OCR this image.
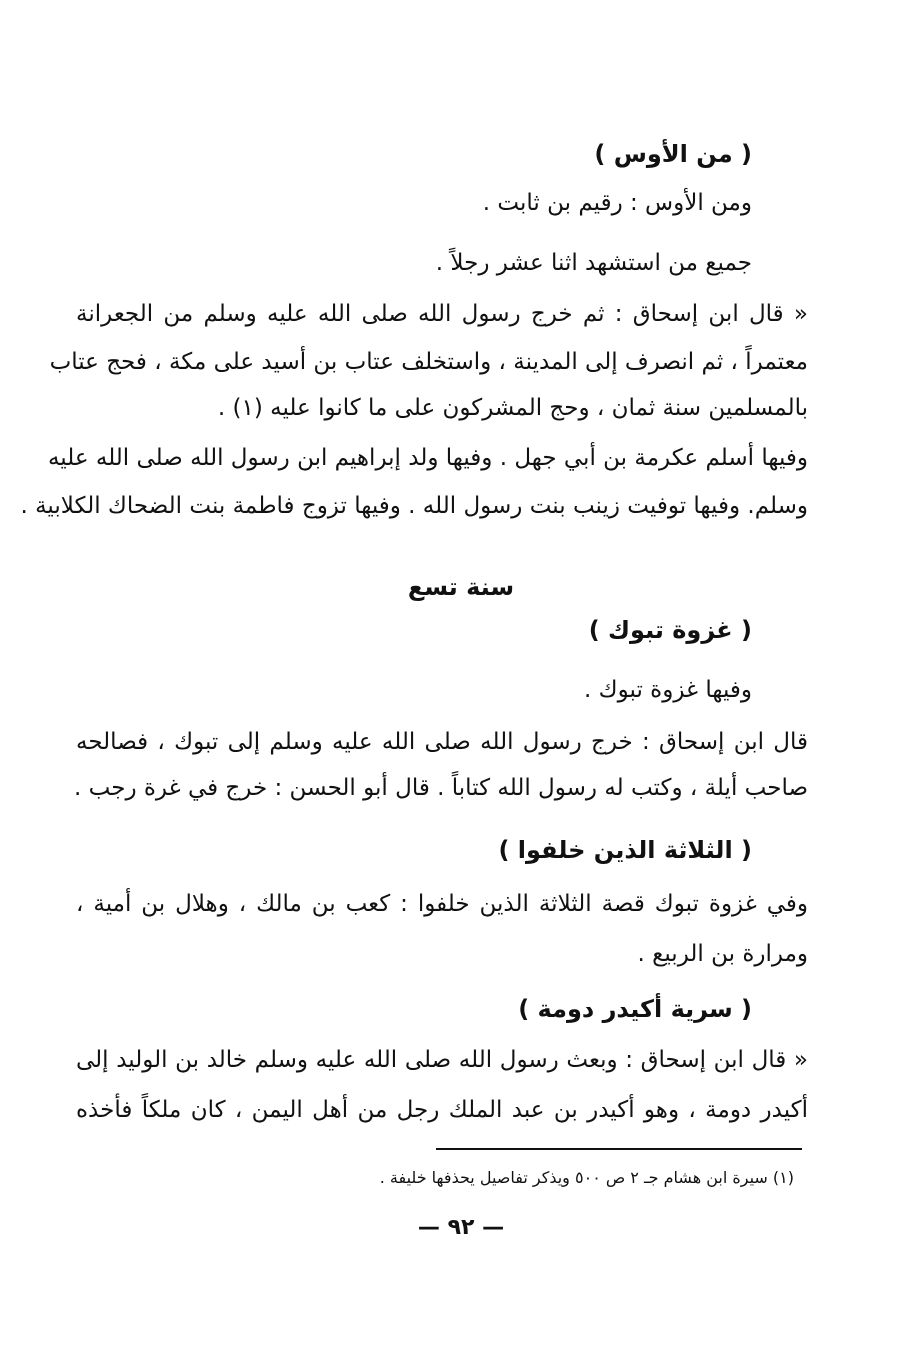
( من الأوس )

ومن الأوس : رقيم بن ثابت .

جميع من استشهد اثنا عشر رجلاً .

« قال ابن إسحاق : ثم خرج رسول الله صلى الله عليه وسلم من الجعرانة

معتمراً ، ثم انصرف إلى المدينة ، واستخلف عتاب بن أسيد على مكة ، فحج عتاب

بالمسلمين سنة ثمان ، وحج المشركون على ما كانوا عليه (١) .

وفيها أسلم عكرمة بن أبي جهل . وفيها ولد إبراهيم ابن رسول الله صلى الله عليه

وسلم. وفيها توفيت زينب بنت رسول الله . وفيها تزوج فاطمة بنت الضحاك الكلابية .

سنة تسع

( غزوة تبوك )

وفيها غزوة تبوك .

قال ابن إسحاق : خرج رسول الله صلى الله عليه وسلم إلى تبوك ، فصالحه

صاحب أيلة ، وكتب له رسول الله كتاباً . قال أبو الحسن : خرج في غرة رجب .

( الثلاثة الذين خلفوا )

وفي غزوة تبوك قصة الثلاثة الذين خلفوا : كعب بن مالك ، وهلال بن أمية ،

ومرارة بن الربيع .

( سرية أكيدر دومة )

« قال ابن إسحاق : وبعث رسول الله صلى الله عليه وسلم خالد بن الوليد إلى

أكيدر دومة ، وهو أكيدر بن عبد الملك رجل من أهل اليمن ، كان ملكاً فأخذه

(١) سيرة ابن هشام جـ ٢ ص ٥٠٠ ويذكر تفاصيل يحذفها خليفة .

— ٩٢ —
